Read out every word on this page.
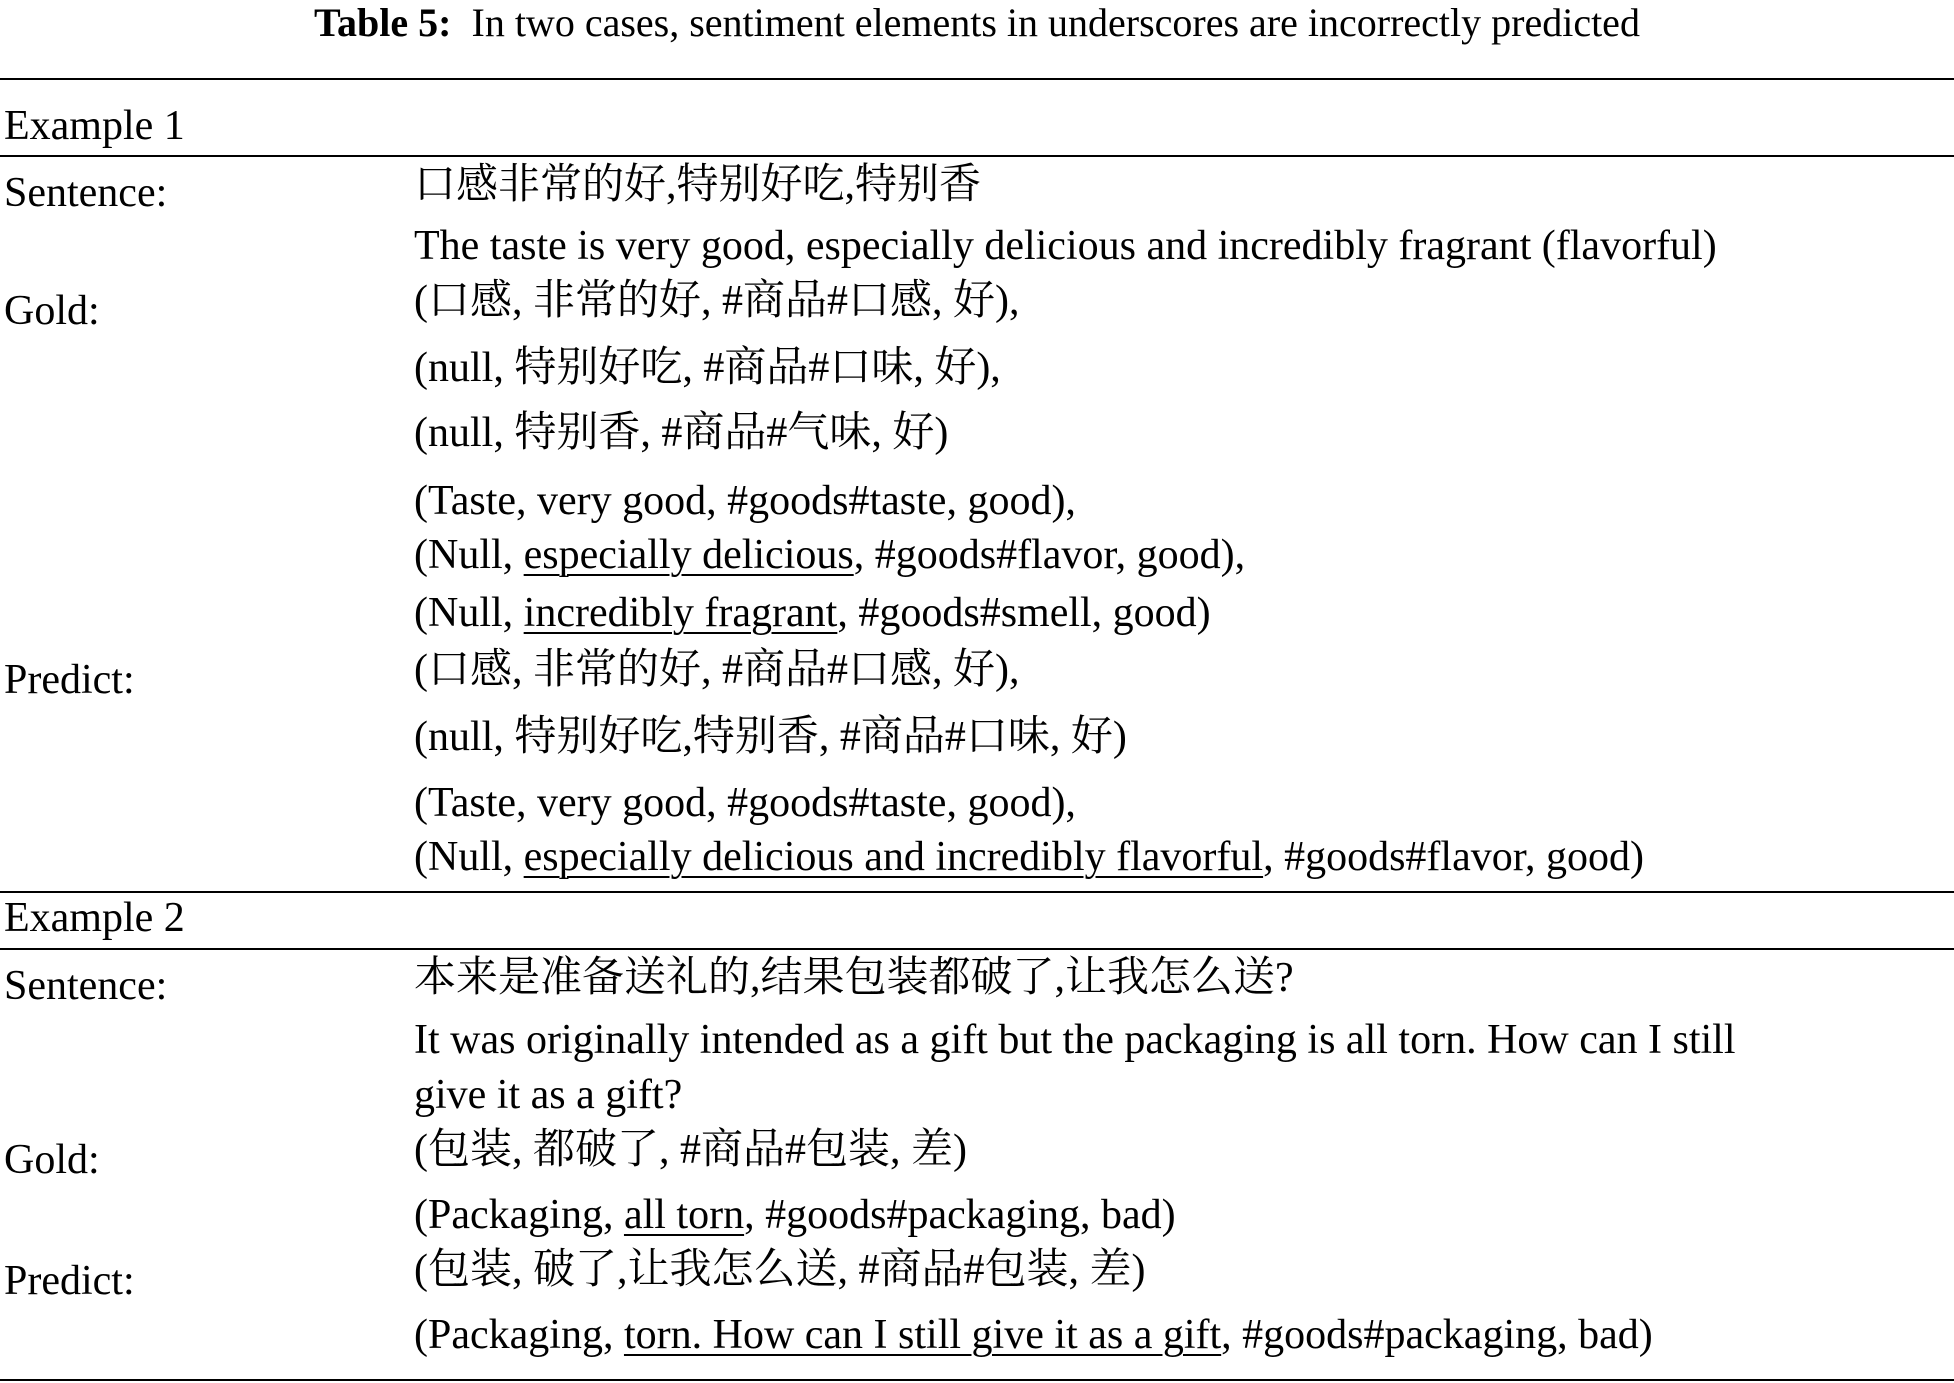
Table 5: In two cases, sentiment elements in underscores are incorrectly predicted
Example 1
Sentence:	口感非常的好,特别好吃,特别香
The taste is very good, especially delicious and incredibly fragrant (flavorful)
Gold:	(口感, 非常的好, #商品#口感, 好),
(null, 特别好吃, #商品#口味, 好),
(null, 特别香, #商品#气味, 好)
(Taste, very good, #goods#taste, good),
(Null, especially delicious, #goods#flavor, good),
(Null, incredibly fragrant, #goods#smell, good)
Predict:	(口感, 非常的好, #商品#口感, 好),
(null, 特别好吃,特别香, #商品#口味, 好)
(Taste, very good, #goods#taste, good),
(Null, especially delicious and incredibly flavorful, #goods#flavor, good)
Example 2
Sentence:	本来是准备送礼的,结果包装都破了,让我怎么送?
It was originally intended as a gift but the packaging is all torn. How can I still
give it as a gift?
Gold:	(包装, 都破了, #商品#包装, 差)
(Packaging, all torn, #goods#packaging, bad)
Predict:	(包装, 破了,让我怎么送, #商品#包装, 差)
(Packaging, torn. How can I still give it as a gift, #goods#packaging, bad)
